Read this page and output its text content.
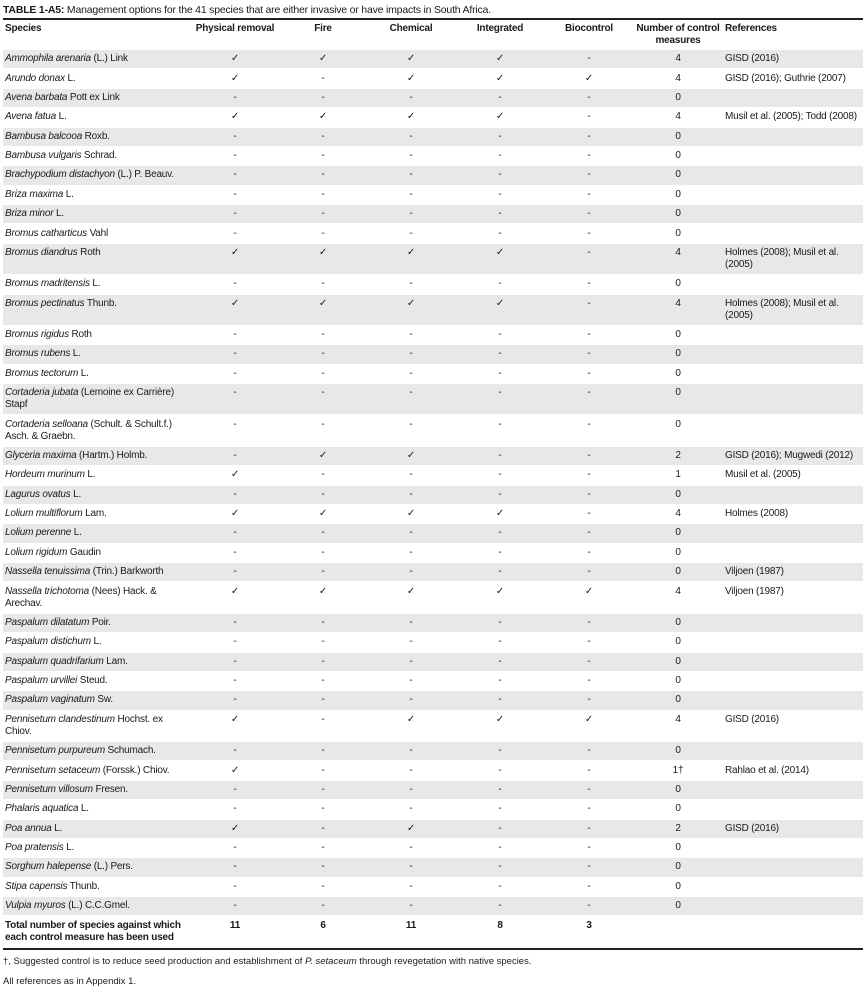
TABLE 1-A5: Management options for the 41 species that are either invasive or have impacts in South Africa.
Species	Physical removal	Fire	Chemical	Integrated	Biocontrol	Number of control measures	References
Ammophila arenaria (L.) Link	✓	✓	✓	✓	-	4	GISD (2016)
Arundo donax L.	✓	-	✓	✓	✓	4	GISD (2016); Guthrie (2007)
Avena barbata Pott ex Link	-	-	-	-	-	0	
Avena fatua L.	✓	✓	✓	✓	-	4	Musil et al. (2005); Todd (2008)
Bambusa balcooa Roxb.	-	-	-	-	-	0	
Bambusa vulgaris Schrad.	-	-	-	-	-	0	
Brachypodium distachyon (L.) P. Beauv.	-	-	-	-	-	0	
Briza maxima L.	-	-	-	-	-	0	
Briza minor L.	-	-	-	-	-	0	
Bromus catharticus Vahl	-	-	-	-	-	0	
Bromus diandrus Roth	✓	✓	✓	✓	-	4	Holmes (2008); Musil et al. (2005)
Bromus madritensis L.	-	-	-	-	-	0	
Bromus pectinatus Thunb.	✓	✓	✓	✓	-	4	Holmes (2008); Musil et al. (2005)
Bromus rigidus Roth	-	-	-	-	-	0	
Bromus rubens L.	-	-	-	-	-	0	
Bromus tectorum L.	-	-	-	-	-	0	
Cortaderia jubata (Lemoine ex Carrière) Stapf	-	-	-	-	-	0	
Cortaderia selloana (Schult. & Schult.f.) Asch. & Graebn.	-	-	-	-	-	0	
Glyceria maxima (Hartm.) Holmb.	-	✓	✓	-	-	2	GISD (2016); Mugwedi (2012)
Hordeum murinum L.	✓	-	-	-	-	1	Musil et al. (2005)
Lagurus ovatus L.	-	-	-	-	-	0	
Lolium multiflorum Lam.	✓	✓	✓	✓	-	4	Holmes (2008)
Lolium perenne L.	-	-	-	-	-	0	
Lolium rigidum Gaudin	-	-	-	-	-	0	
Nassella tenuissima (Trin.) Barkworth	-	-	-	-	-	0	Viljoen (1987)
Nassella trichotoma (Nees) Hack. & Arechav.	✓	✓	✓	✓	✓	4	Viljoen (1987)
Paspalum dilatatum Poir.	-	-	-	-	-	0	
Paspalum distichum L.	-	-	-	-	-	0	
Paspalum quadrifarium Lam.	-	-	-	-	-	0	
Paspalum urvillei Steud.	-	-	-	-	-	0	
Paspalum vaginatum Sw.	-	-	-	-	-	0	
Pennisetum clandestinum Hochst. ex Chiov.	✓	-	✓	✓	✓	4	GISD (2016)
Pennisetum purpureum Schumach.	-	-	-	-	-	0	
Pennisetum setaceum (Forssk.) Chiov.	✓	-	-	-	-	1†	Rahlao et al. (2014)
Pennisetum villosum Fresen.	-	-	-	-	-	0	
Phalaris aquatica L.	-	-	-	-	-	0	
Poa annua L.	✓	-	✓	-	-	2	GISD (2016)
Poa pratensis L.	-	-	-	-	-	0	
Sorghum halepense (L.) Pers.	-	-	-	-	-	0	
Stipa capensis Thunb.	-	-	-	-	-	0	
Vulpia myuros (L.) C.C.Gmel.	-	-	-	-	-	0	
Total number of species against which each control measure has been used	11	6	11	8	3		

†, Suggested control is to reduce seed production and establishment of P. setaceum through revegetation with native species.

All references as in Appendix 1.
